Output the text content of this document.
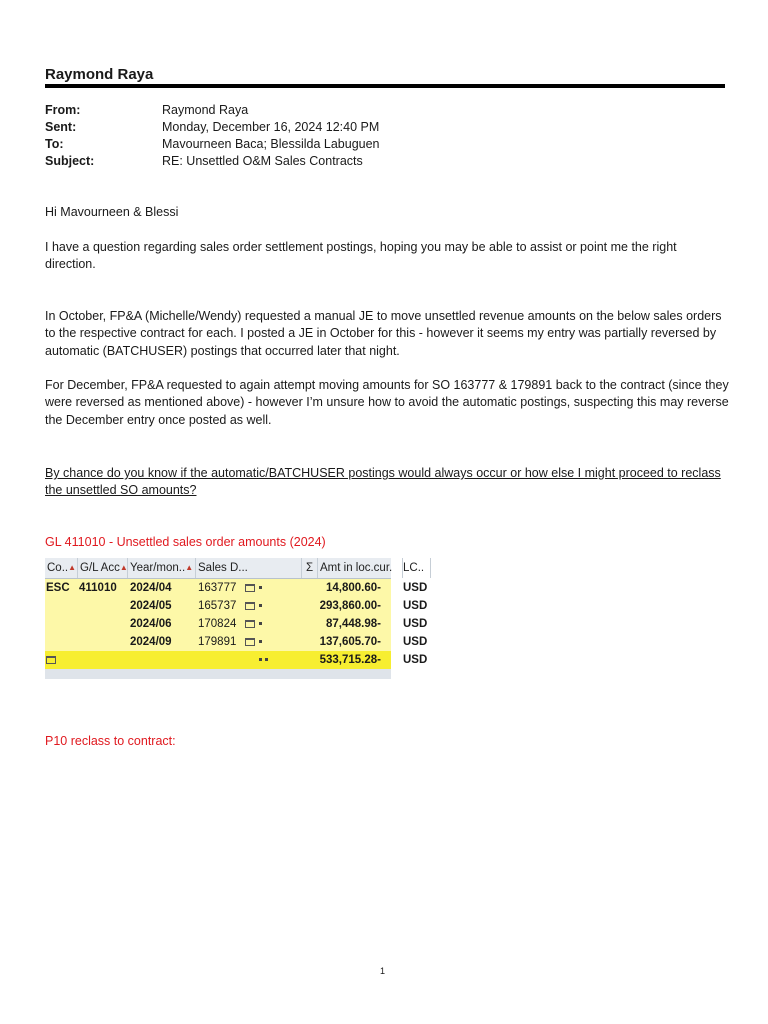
Raymond Raya
From:	Raymond Raya
Sent:	Monday, December 16, 2024 12:40 PM
To:	Mavourneen Baca; Blessilda Labuguen
Subject:	RE: Unsettled O&M Sales Contracts
Hi Mavourneen & Blessi
I have a question regarding sales order settlement postings, hoping you may be able to assist or point me the right direction.
In October, FP&A (Michelle/Wendy) requested a manual JE to move unsettled revenue amounts on the below sales orders to the respective contract for each. I posted a JE in October for this - however it seems my entry was partially reversed by automatic (BATCHUSER) postings that occurred later that night.
For December, FP&A requested to again attempt moving amounts for SO 163777 & 179891 back to the contract (since they were reversed as mentioned above) - however I’m unsure how to avoid the automatic postings, suspecting this may reverse the December entry once posted as well.
By chance do you know if the automatic/BATCHUSER postings would always occur or how else I might proceed to reclass the unsettled SO amounts?
GL 411010 - Unsettled sales order amounts (2024)
Co..▲ G/L Acc▲ Year/mon..▲ Sales D...	Σ Amt in loc.cur. LC..
ESC 411010 2024/04 163777	14,800.60- USD
2024/05 165737	293,860.00- USD
2024/06 170824	87,448.98- USD
2024/09 179891	137,605.70- USD

533,715.28- USD
P10 reclass to contract:
1
